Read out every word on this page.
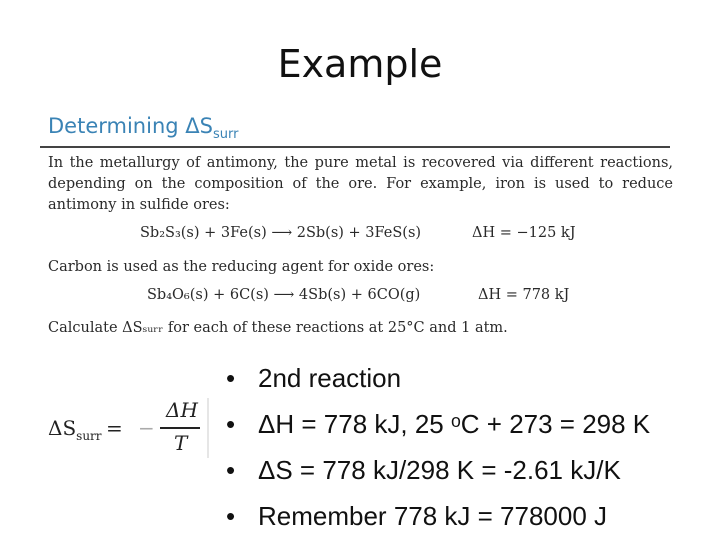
Example
Determining $\Delta S_{surr}$
In the metallurgy of antimony, the pure metal is recovered via different reactions, depending on the composition of the ore. For example, iron is used to reduce antimony in sulfide ores:
Sb₂S₃(s) + 3Fe(s) ⟶ 2Sb(s) + 3FeS(s)	ΔH = −125 kJ
Carbon is used as the reducing agent for oxide ores:
Sb₄O₆(s) + 6C(s) ⟶ 4Sb(s) + 6CO(g)	ΔH = 778 kJ
Calculate ΔSₛᵤᵣᵣ for each of these reactions at 25°C and 1 atm.
$\Delta S_{surr}$ = −
ΔH
T
• 2nd reaction
• ΔH = 778 kJ, 25 ᵒC + 273 = 298 K
• ΔS = 778 kJ/298 K = -2.61 kJ/K
• Remember 778 kJ = 778000 J
